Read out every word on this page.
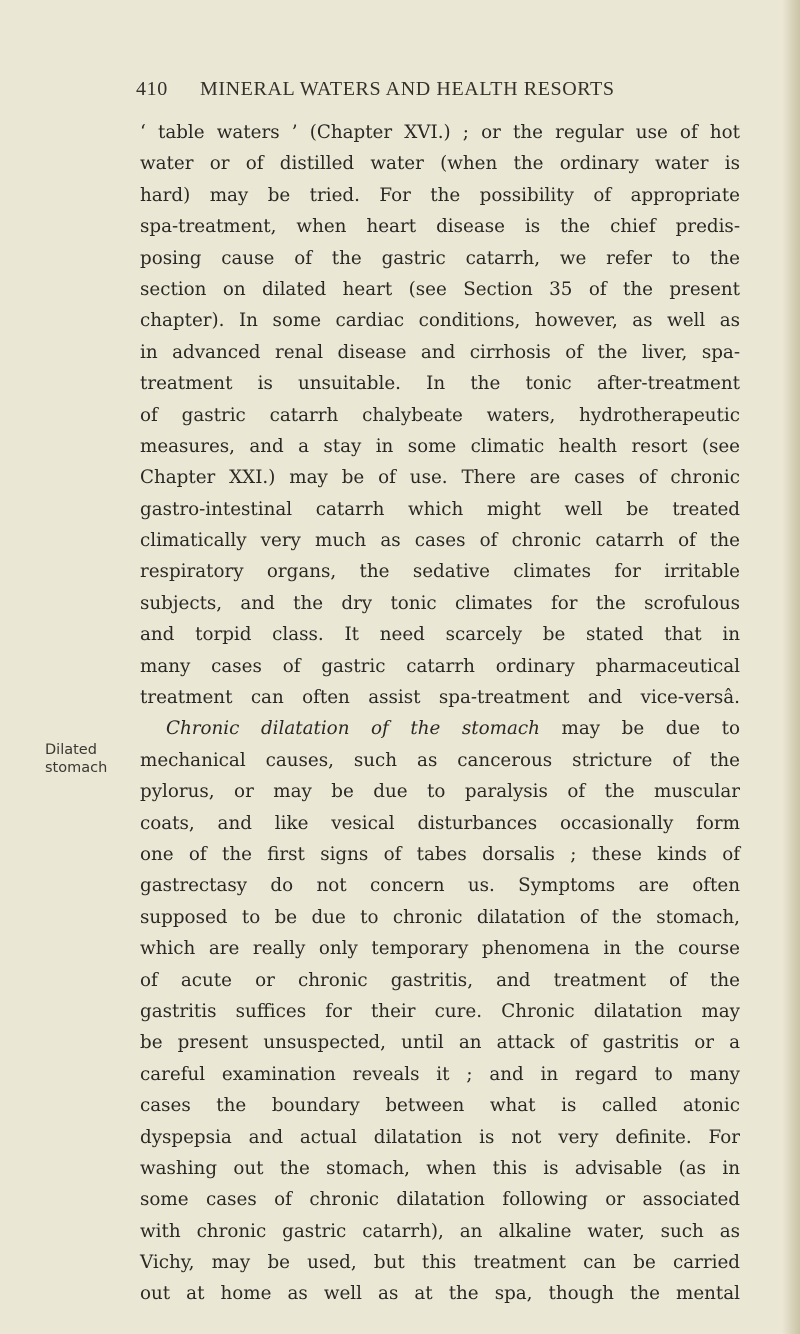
410 MINERAL WATERS AND HEALTH RESORTS
Dilated
stomach
‘ table waters ’ (Chapter XVI.) ; or the regular use of hot
water or of distilled water (when the ordinary water is
hard) may be tried. For the possibility of appropriate
spa-treatment, when heart disease is the chief predis-
posing cause of the gastric catarrh, we refer to the
section on dilated heart (see Section 35 of the present
chapter). In some cardiac conditions, however, as well as
in advanced renal disease and cirrhosis of the liver, spa-
treatment is unsuitable. In the tonic after-treatment
of gastric catarrh chalybeate waters, hydrotherapeutic
measures, and a stay in some climatic health resort (see
Chapter XXI.) may be of use. There are cases of chronic
gastro-intestinal catarrh which might well be treated
climatically very much as cases of chronic catarrh of the
respiratory organs, the sedative climates for irritable
subjects, and the dry tonic climates for the scrofulous
and torpid class. It need scarcely be stated that in
many cases of gastric catarrh ordinary pharmaceutical
treatment can often assist spa-treatment and vice-versâ.
Chronic dilatation of the stomach may be due to
mechanical causes, such as cancerous stricture of the
pylorus, or may be due to paralysis of the muscular
coats, and like vesical disturbances occasionally form
one of the first signs of tabes dorsalis ; these kinds of
gastrectasy do not concern us. Symptoms are often
supposed to be due to chronic dilatation of the stomach,
which are really only temporary phenomena in the course
of acute or chronic gastritis, and treatment of the
gastritis suffices for their cure. Chronic dilatation may
be present unsuspected, until an attack of gastritis or a
careful examination reveals it ; and in regard to many
cases the boundary between what is called atonic
dyspepsia and actual dilatation is not very definite. For
washing out the stomach, when this is advisable (as in
some cases of chronic dilatation following or associated
with chronic gastric catarrh), an alkaline water, such as
Vichy, may be used, but this treatment can be carried
out at home as well as at the spa, though the mental
